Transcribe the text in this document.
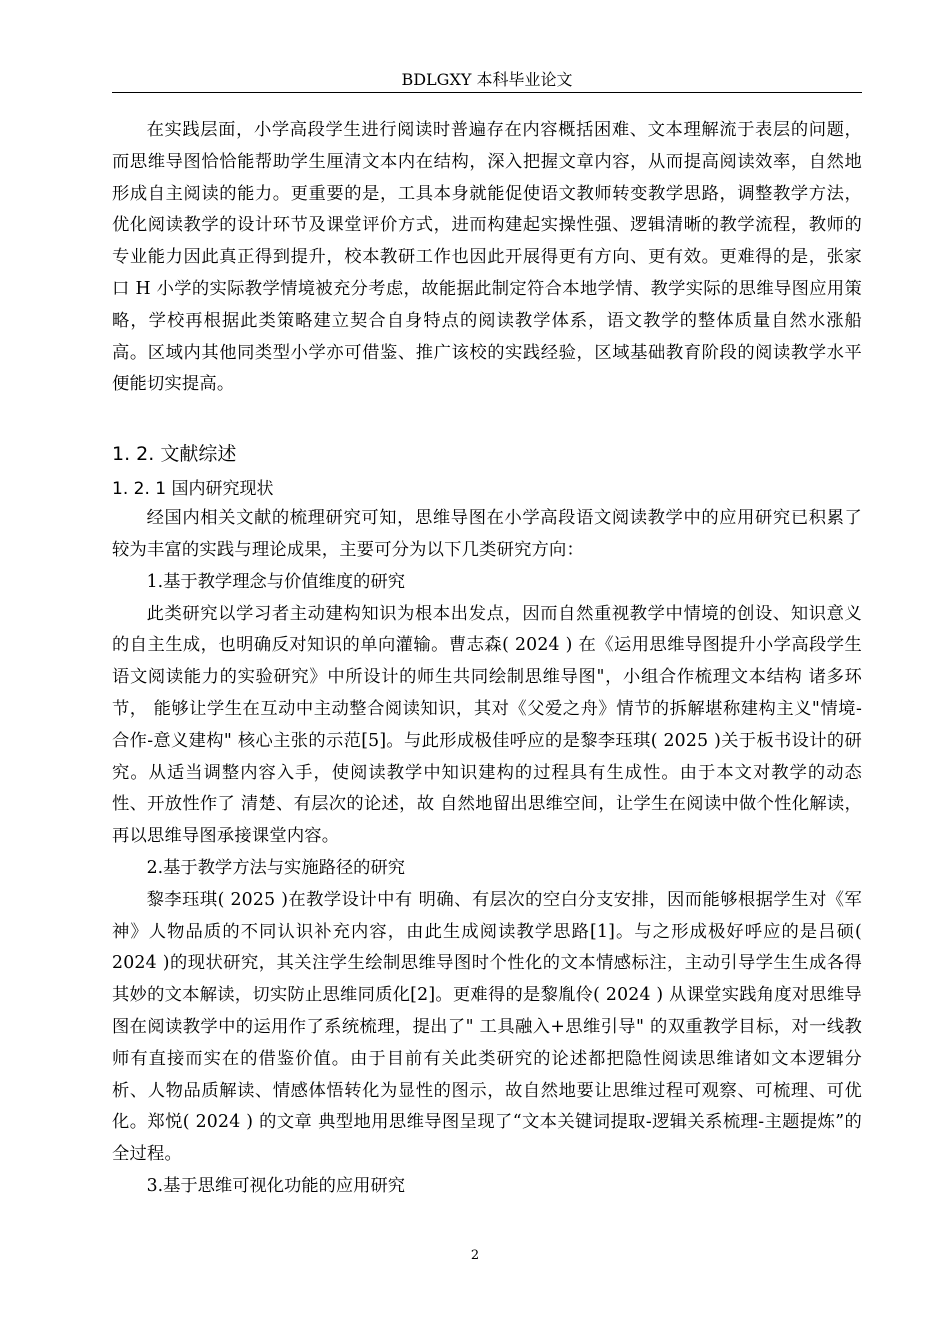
BDLGXY 本科毕业论文

在实践层面，小学高段学生进行阅读时普遍存在内容概括困难、文本理解流于表层的问题，而思维导图恰恰能帮助学生厘清文本内在结构，深入把握文章内容，从而提高阅读效率，自然地形成自主阅读的能力。更重要的是，工具本身就能促使语文教师转变教学思路，调整教学方法，优化阅读教学的设计环节及课堂评价方式，进而构建起实操性强、逻辑清晰的教学流程，教师的专业能力因此真正得到提升，校本教研工作也因此开展得更有方向、更有效。更难得的是，张家口 H 小学的实际教学情境被充分考虑，故能据此制定符合本地学情、教学实际的思维导图应用策略，学校再根据此类策略建立契合自身特点的阅读教学体系，语文教学的整体质量自然水涨船高。区域内其他同类型小学亦可借鉴、推广该校的实践经验，区域基础教育阶段的阅读教学水平便能切实提高。

1. 2. 文献综述
1. 2. 1 国内研究现状

经国内相关文献的梳理研究可知，思维导图在小学高段语文阅读教学中的应用研究已积累了较为丰富的实践与理论成果，主要可分为以下几类研究方向：

1.基于教学理念与价值维度的研究

此类研究以学习者主动建构知识为根本出发点，因而自然重视教学中情境的创设、知识意义的自主生成，也明确反对知识的单向灌输。曹志森( 2024 ) 在《运用思维导图提升小学高段学生语文阅读能力的实验研究》中所设计的师生共同绘制思维导图"，小组合作梳理文本结构 诸多环节， 能够让学生在互动中主动整合阅读知识，其对《父爱之舟》情节的拆解堪称建构主义"情境-合作-意义建构" 核心主张的示范[5]。与此形成极佳呼应的是黎李珏琪( 2025 )关于板书设计的研究。从适当调整内容入手，使阅读教学中知识建构的过程具有生成性。由于本文对教学的动态性、开放性作了 清楚、有层次的论述，故 自然地留出思维空间，让学生在阅读中做个性化解读，再以思维导图承接课堂内容。

2.基于教学方法与实施路径的研究

黎李珏琪( 2025 )在教学设计中有 明确、有层次的空白分支安排，因而能够根据学生对《军神》人物品质的不同认识补充内容，由此生成阅读教学思路[1]。与之形成极好呼应的是吕硕( 2024 )的现状研究，其关注学生绘制思维导图时个性化的文本情感标注，主动引导学生生成各得其妙的文本解读，切实防止思维同质化[2]。更难得的是黎胤伶( 2024 ) 从课堂实践角度对思维导图在阅读教学中的运用作了系统梳理，提出了" 工具融入+思维引导" 的双重教学目标，对一线教师有直接而实在的借鉴价值。由于目前有关此类研究的论述都把隐性阅读思维诸如文本逻辑分析、人物品质解读、情感体悟转化为显性的图示，故自然地要让思维过程可观察、可梳理、可优化。郑悦( 2024 ) 的文章 典型地用思维导图呈现了“文本关键词提取-逻辑关系梳理-主题提炼”的全过程。

3.基于思维可视化功能的应用研究

2
